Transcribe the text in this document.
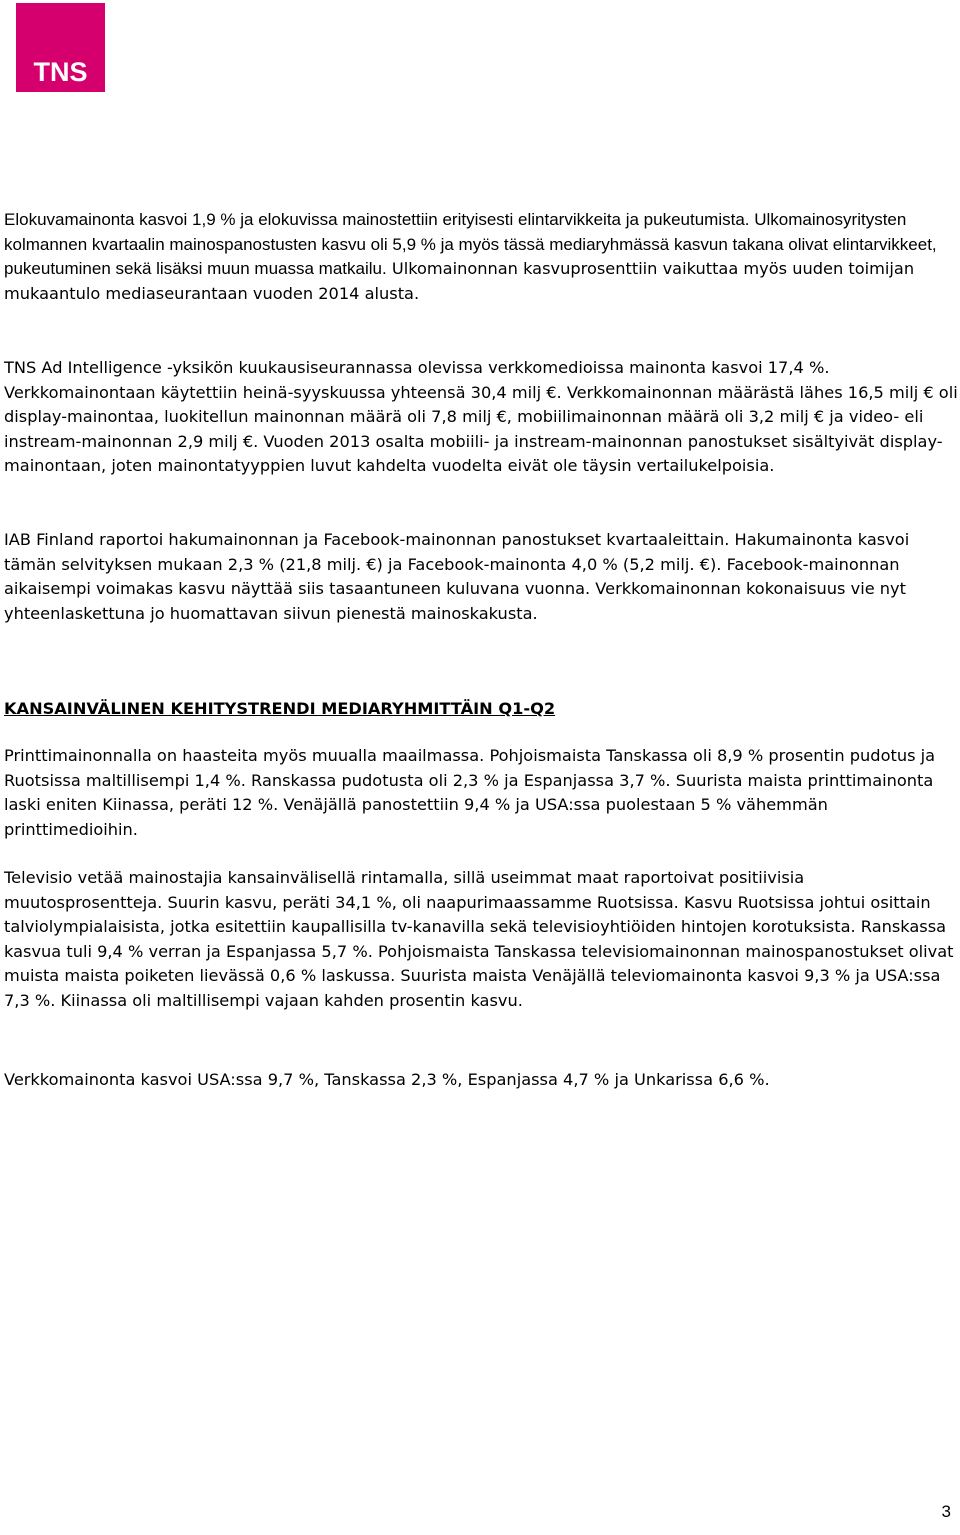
TNS

Elokuvamainonta kasvoi 1,9 % ja elokuvissa mainostettiin erityisesti elintarvikkeita ja pukeutumista. Ulkomainosyritysten kolmannen kvartaalin mainospanostusten kasvu oli 5,9 % ja myös tässä mediaryhmässä kasvun takana olivat elintarvikkeet, pukeutuminen sekä lisäksi muun muassa matkailu. Ulkomainonnan kasvuprosenttiin vaikuttaa myös uuden toimijan mukaantulo mediaseurantaan vuoden 2014 alusta.

TNS Ad Intelligence -yksikön kuukausiseurannassa olevissa verkkomedioissa mainonta kasvoi 17,4 %. Verkkomainontaan käytettiin heinä-syyskuussa yhteensä 30,4 milj €. Verkkomainonnan määrästä lähes 16,5 milj € oli display-mainontaa, luokitellun mainonnan määrä oli 7,8 milj €, mobiilimainonnan määrä oli 3,2 milj € ja video- eli instream-mainonnan 2,9 milj €. Vuoden 2013 osalta mobiili- ja instream-mainonnan panostukset sisältyivät display-mainontaan, joten mainontatyyppien luvut kahdelta vuodelta eivät ole täysin vertailukelpoisia.

IAB Finland raportoi hakumainonnan ja Facebook-mainonnan panostukset kvartaaleittain. Hakumainonta kasvoi tämän selvityksen mukaan 2,3 % (21,8 milj. €) ja Facebook-mainonta 4,0 % (5,2 milj. €). Facebook-mainonnan aikaisempi voimakas kasvu näyttää siis tasaantuneen kuluvana vuonna. Verkkomainonnan kokonaisuus vie nyt yhteenlaskettuna jo huomattavan siivun pienestä mainoskakusta.

KANSAINVÄLINEN KEHITYSTRENDI MEDIARYHMITTÄIN Q1-Q2

Printtimainonnalla on haasteita myös muualla maailmassa. Pohjoismaista Tanskassa oli 8,9 % prosentin pudotus ja Ruotsissa maltillisempi 1,4 %. Ranskassa pudotusta oli 2,3 % ja Espanjassa 3,7 %. Suurista maista printtimainonta laski eniten Kiinassa, peräti 12 %. Venäjällä panostettiin 9,4 % ja USA:ssa puolestaan 5 % vähemmän printtimedioihin.

Televisio vetää mainostajia kansainvälisellä rintamalla, sillä useimmat maat raportoivat positiivisia muutosprosentteja. Suurin kasvu, peräti 34,1 %, oli naapurimaassamme Ruotsissa. Kasvu Ruotsissa johtui osittain talviolympialaisista, jotka esitettiin kaupallisilla tv-kanavilla sekä televisioyhtiöiden hintojen korotuksista. Ranskassa kasvua tuli 9,4 % verran ja Espanjassa 5,7 %. Pohjoismaista Tanskassa televisiomainonnan mainospanostukset olivat muista maista poiketen lievässä 0,6 % laskussa. Suurista maista Venäjällä televiomainonta kasvoi 9,3 % ja USA:ssa 7,3 %. Kiinassa oli maltillisempi vajaan kahden prosentin kasvu.

Verkkomainonta kasvoi USA:ssa 9,7 %, Tanskassa 2,3 %, Espanjassa 4,7 % ja Unkarissa 6,6 %.

3
